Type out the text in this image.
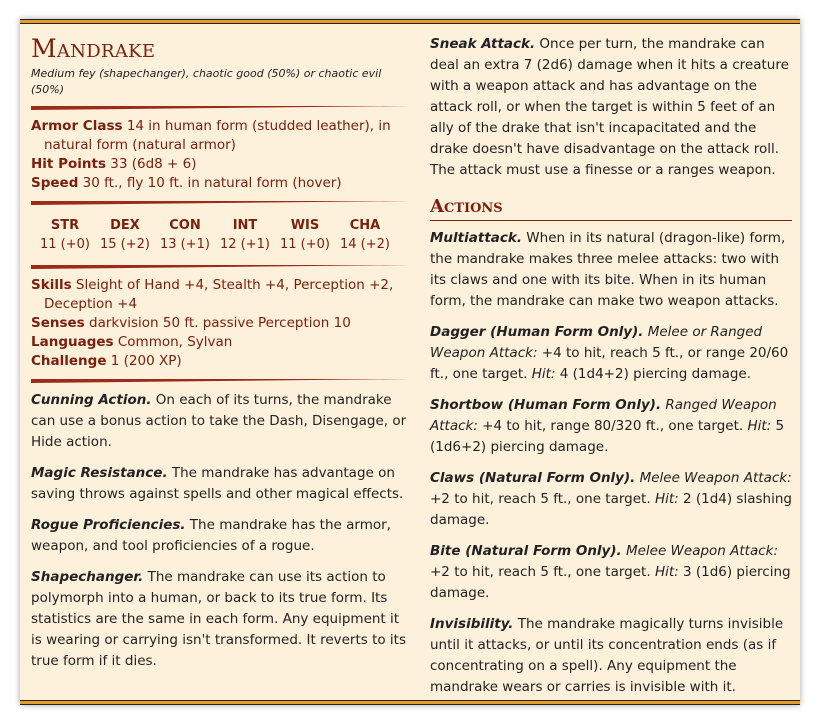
Mandrake

Medium fey (shapechanger), chaotic good (50%) or chaotic evil (50%)

Armor Class 14 in human form (studded leather), in natural form (natural armor)

Hit Points 33 (6d8 + 6)

Speed 30 ft., fly 10 ft. in natural form (hover)

STR
11 (+0)
DEX
15 (+2)
CON
13 (+1)
INT
12 (+1)
WIS
11 (+0)
CHA
14 (+2)

Skills Sleight of Hand +4, Stealth +4, Perception +2, Deception +4

Senses darkvision 50 ft. passive Perception 10

Languages Common, Sylvan

Challenge 1 (200 XP)

Cunning Action. On each of its turns, the mandrake can use a bonus action to take the Dash, Disengage, or Hide action.

Magic Resistance. The mandrake has advantage on saving throws against spells and other magical effects.

Rogue Proficiencies. The mandrake has the armor, weapon, and tool proficiencies of a rogue.

Shapechanger. The mandrake can use its action to polymorph into a human, or back to its true form. Its statistics are the same in each form. Any equipment it is wearing or carrying isn't transformed. It reverts to its true form if it dies.

Sneak Attack. Once per turn, the mandrake can deal an extra 7 (2d6) damage when it hits a creature with a weapon attack and has advantage on the attack roll, or when the target is within 5 feet of an ally of the drake that isn't incapacitated and the drake doesn't have disadvantage on the attack roll. The attack must use a finesse or a ranges weapon.

Actions

Multiattack. When in its natural (dragon-like) form, the mandrake makes three melee attacks: two with its claws and one with its bite. When in its human form, the mandrake can make two weapon attacks.

Dagger (Human Form Only). Melee or Ranged Weapon Attack: +4 to hit, reach 5 ft., or range 20/60 ft., one target. Hit: 4 (1d4+2) piercing damage.

Shortbow (Human Form Only). Ranged Weapon Attack: +4 to hit, range 80/320 ft., one target. Hit: 5 (1d6+2) piercing damage.

Claws (Natural Form Only). Melee Weapon Attack: +2 to hit, reach 5 ft., one target. Hit: 2 (1d4) slashing damage.

Bite (Natural Form Only). Melee Weapon Attack: +2 to hit, reach 5 ft., one target. Hit: 3 (1d6) piercing damage.

Invisibility. The mandrake magically turns invisible until it attacks, or until its concentration ends (as if concentrating on a spell). Any equipment the mandrake wears or carries is invisible with it.
